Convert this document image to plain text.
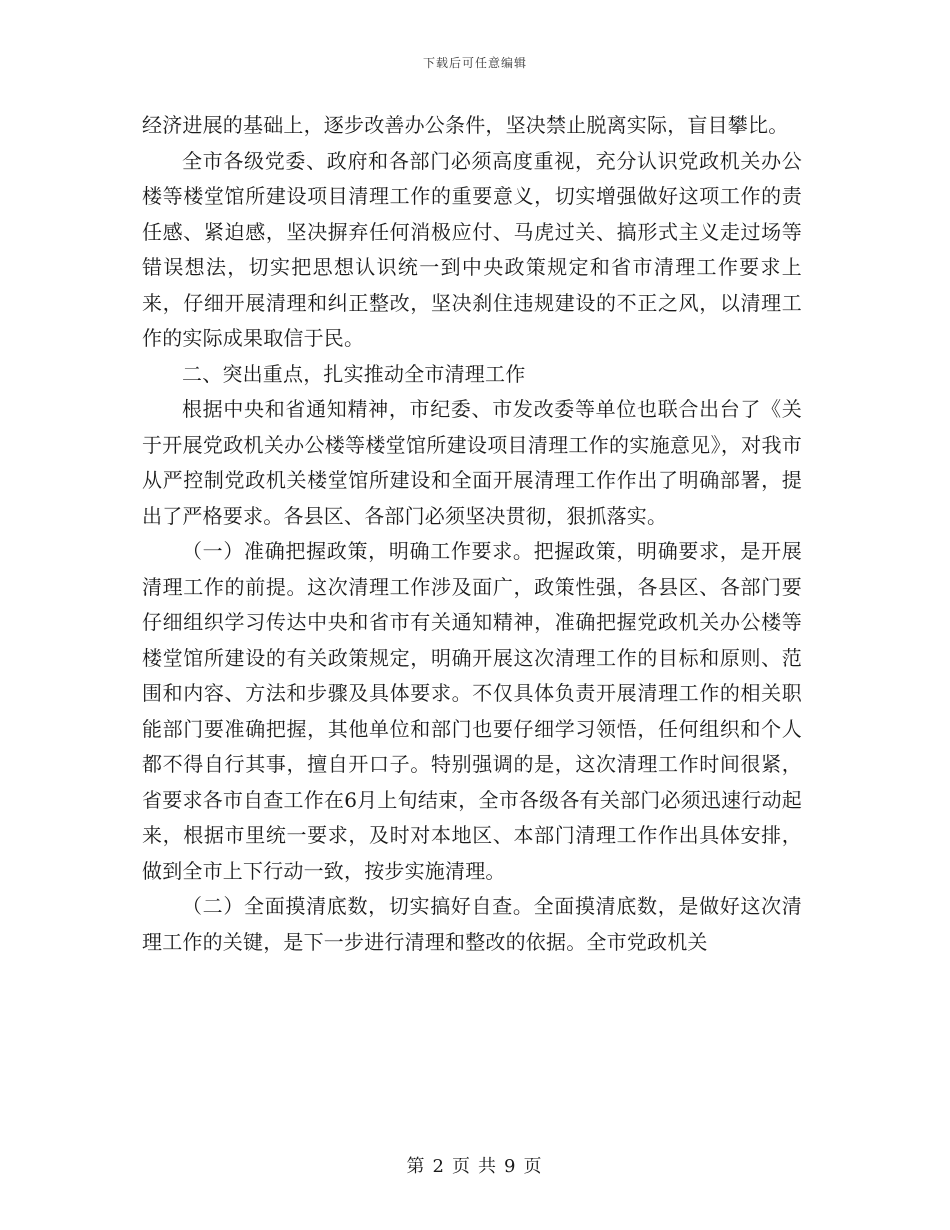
下载后可任意编辑

经济进展的基础上，逐步改善办公条件，坚决禁止脱离实际，盲目攀比。

全市各级党委、政府和各部门必须高度重视，充分认识党政机关办公楼等楼堂馆所建设项目清理工作的重要意义，切实增强做好这项工作的责任感、紧迫感，坚决摒弃任何消极应付、马虎过关、搞形式主义走过场等错误想法，切实把思想认识统一到中央政策规定和省市清理工作要求上来，仔细开展清理和纠正整改，坚决刹住违规建设的不正之风，以清理工作的实际成果取信于民。

二、突出重点，扎实推动全市清理工作

根据中央和省通知精神，市纪委、市发改委等单位也联合出台了《关于开展党政机关办公楼等楼堂馆所建设项目清理工作的实施意见》，对我市从严控制党政机关楼堂馆所建设和全面开展清理工作作出了明确部署，提出了严格要求。各县区、各部门必须坚决贯彻，狠抓落实。

（一）准确把握政策，明确工作要求。把握政策，明确要求，是开展清理工作的前提。这次清理工作涉及面广，政策性强，各县区、各部门要仔细组织学习传达中央和省市有关通知精神，准确把握党政机关办公楼等楼堂馆所建设的有关政策规定，明确开展这次清理工作的目标和原则、范围和内容、方法和步骤及具体要求。不仅具体负责开展清理工作的相关职能部门要准确把握，其他单位和部门也要仔细学习领悟，任何组织和个人都不得自行其事，擅自开口子。特别强调的是，这次清理工作时间很紧，省要求各市自查工作在6月上旬结束，全市各级各有关部门必须迅速行动起来，根据市里统一要求，及时对本地区、本部门清理工作作出具体安排，做到全市上下行动一致，按步实施清理。

（二）全面摸清底数，切实搞好自查。全面摸清底数，是做好这次清理工作的关键，是下一步进行清理和整改的依据。全市党政机关

第 2 页 共 9 页
